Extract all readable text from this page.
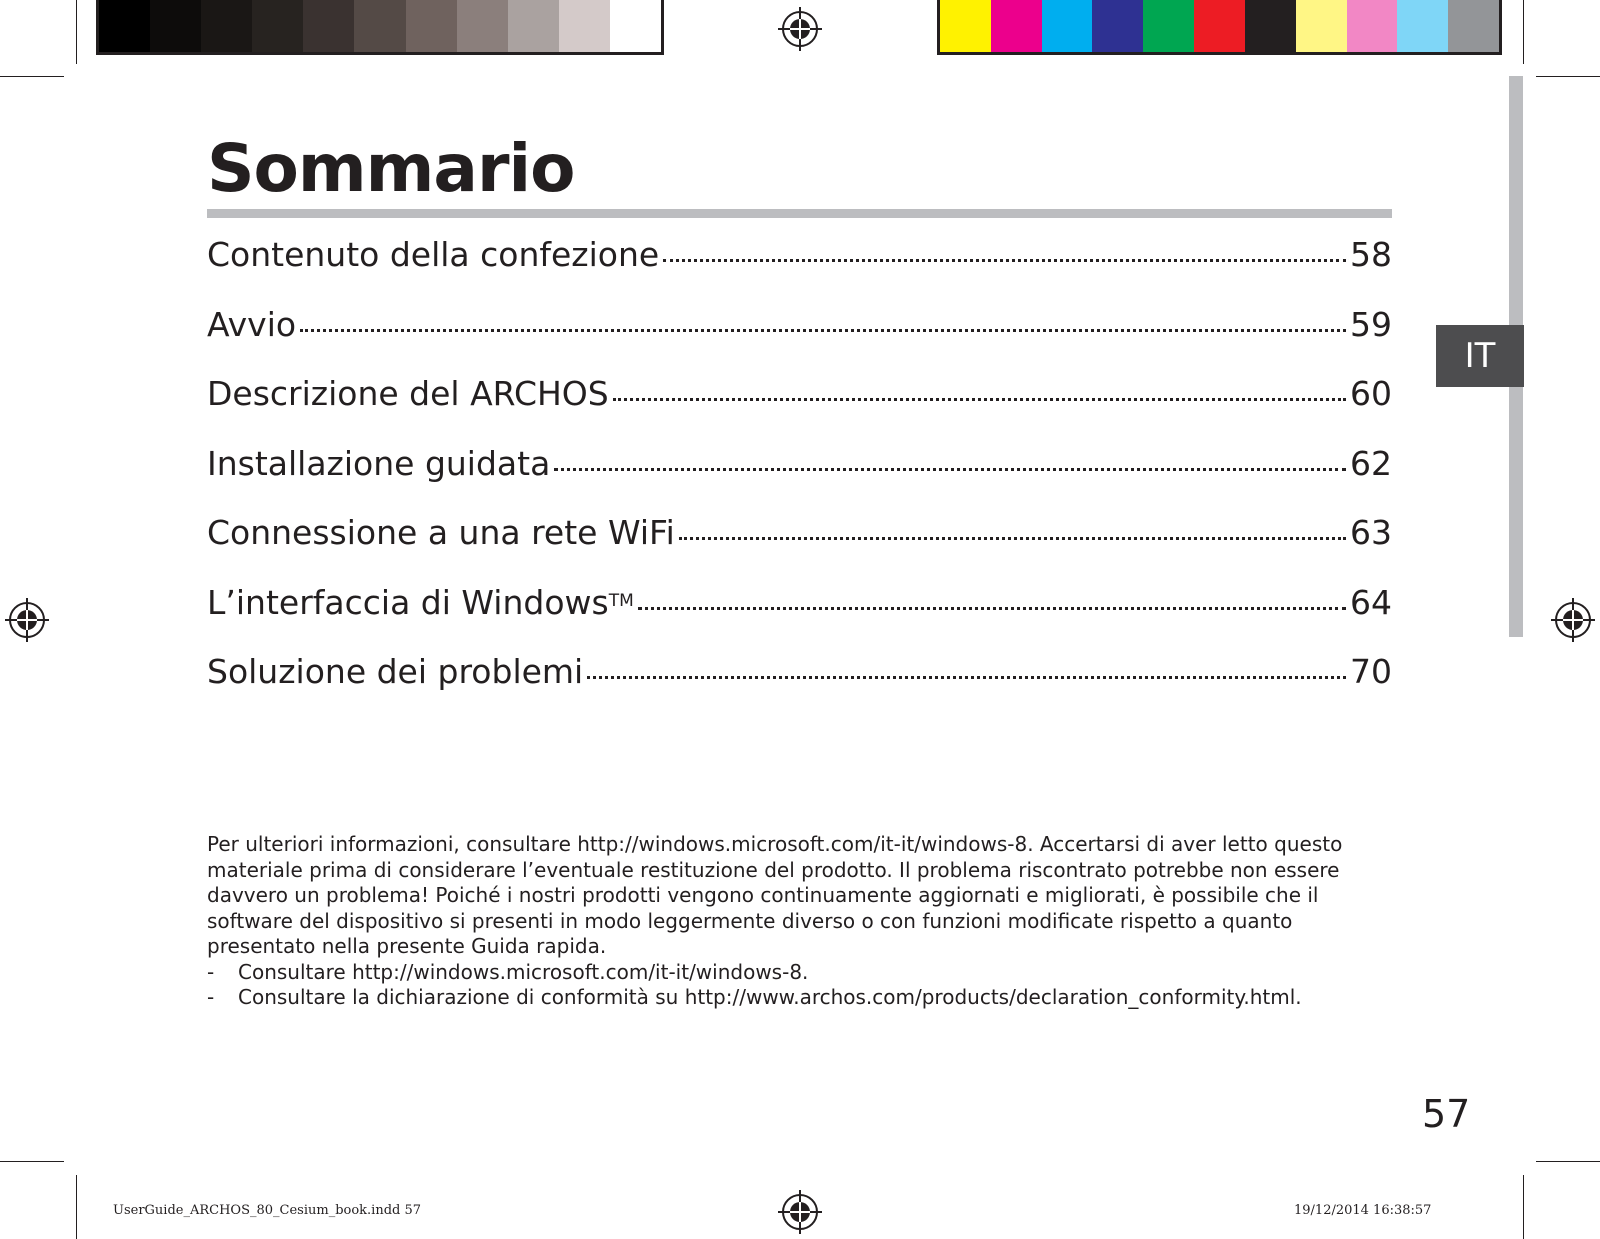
IT
Sommario
Contenuto della confezione	58
Avvio	59
Descrizione del ARCHOS	60
Installazione guidata	62
Connessione a una rete WiFi	63
L’interfaccia di Windows™	64
Soluzione dei problemi	70

Per ulteriori informazioni, consultare http://windows.microsoft.com/it-it/windows-8. Accertarsi di aver letto questo materiale prima di considerare l’eventuale restituzione del prodotto. Il problema riscontrato potrebbe non essere davvero un problema! Poiché i nostri prodotti vengono continuamente aggiornati e migliorati, è possibile che il software del dispositivo si presenti in modo leggermente diverso o con funzioni modificate rispetto a quanto presentato nella presente Guida rapida.

-	Consultare http://windows.microsoft.com/it-it/windows-8.
-	Consultare la dichiarazione di conformità su http://www.archos.com/products/declaration_conformity.html.
57
UserGuide_ARCHOS_80_Cesium_book.indd 57	19/12/2014 16:38:57
